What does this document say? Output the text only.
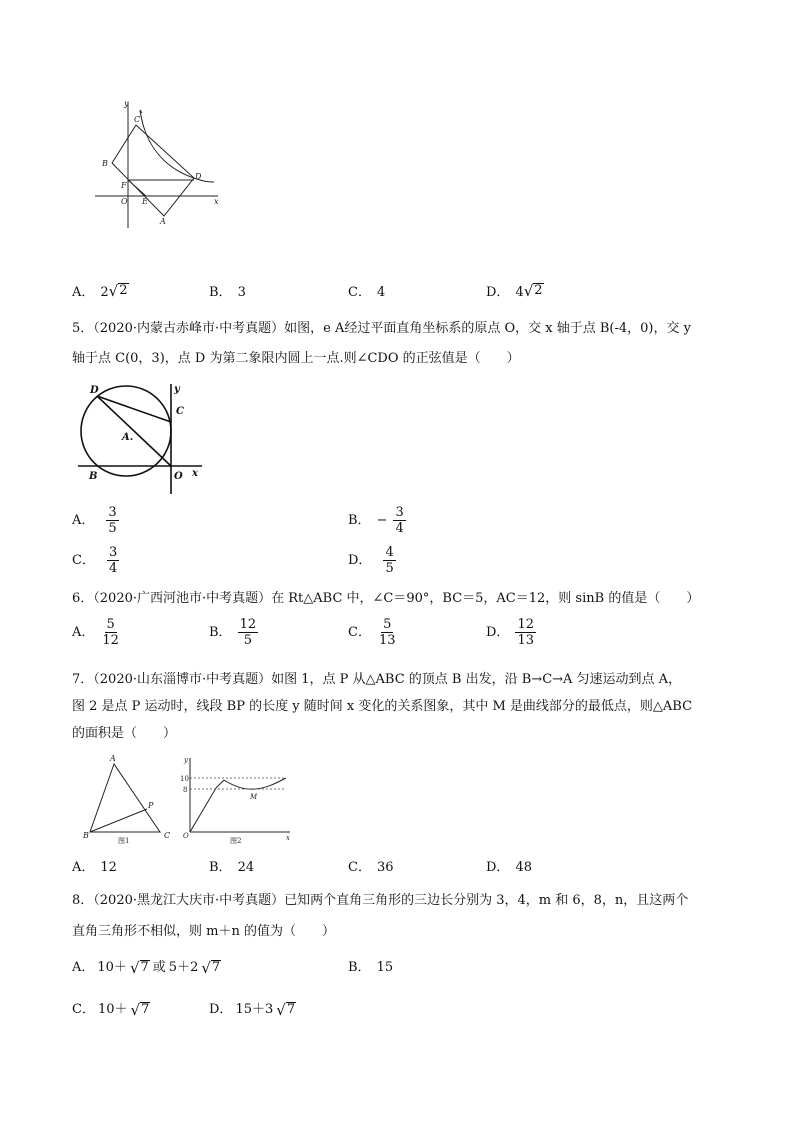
y
x
C
B
D
F
O E
A
A． 2 √ 2	B． 3	C． 4	D． 4 √ 2
5．（2020·内蒙古赤峰市·中考真题）如图，e A经过平面直角坐标系的原点 O，交 x 轴于点 B(-4，0)，交 y
轴于点 C(0，3)，点 D 为第二象限内圆上一点.则∠CDO 的正弦值是（　　）
D	y
C
A.
B	O x
A． $\frac{3}{5}$	B． − $\frac{3}{4}$
C． $\frac{3}{4}$	D． $\frac{4}{5}$
6．（2020·广西河池市·中考真题）在 Rt△ABC 中，∠C＝90°，BC＝5，AC＝12，则 sinB 的值是（　　）
A． $\frac{5}{12}$	B． $\frac{12}{5}$	C． $\frac{5}{13}$	D． $\frac{12}{13}$
7．（2020·山东淄博市·中考真题）如图 1，点 P 从△ABC 的顶点 B 出发，沿 B→C→A 匀速运动到点 A，
图 2 是点 P 运动时，线段 BP 的长度 y 随时间 x 变化的关系图象，其中 M 是曲线部分的最低点，则△ABC
的面积是（　　）
A
P
B	C
图1
y
10
8
M
O	x
图2
A． 12	B． 24	C． 36	D． 48
8．（2020·黑龙江大庆市·中考真题）已知两个直角三角形的三边长分别为 3，4，m 和 6，8，n，且这两个
直角三角形不相似，则 m＋n 的值为（　　）
A． 10＋ √ 7 或 5＋2 √ 7	B． 15
C． 10＋ √ 7	D． 15＋3 √ 7
